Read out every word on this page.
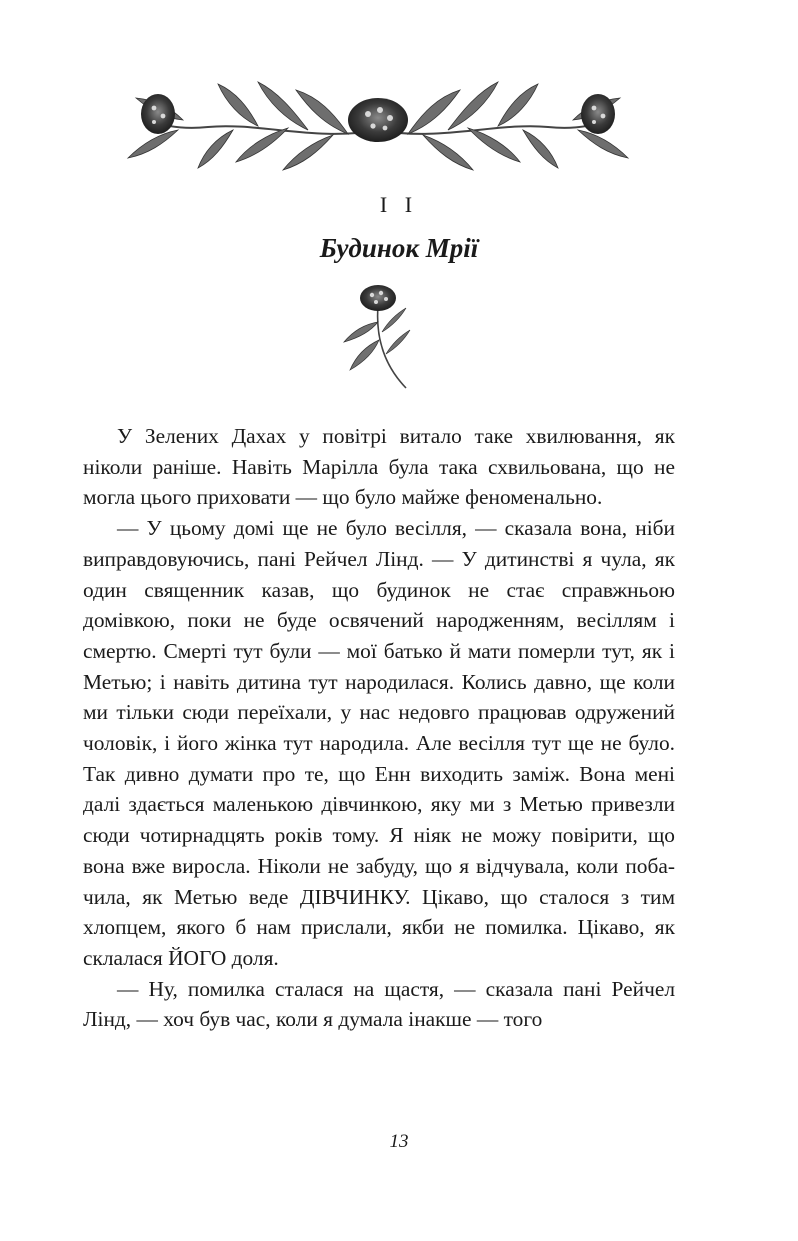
I I
Будинок Мрії

У Зелених Дахах у повітрі витало таке хвилювання, як ніколи раніше. Навіть Марілла була така схвильована, що не могла цього приховати — що було майже феноменально.

— У цьому домі ще не було весілля, — сказала вона, ніби виправдовуючись, пані Рейчел Лінд. — У дитинстві я чула, як один священник казав, що будинок не стає справжньою домівкою, поки не буде освячений народженням, весіллям і смертю. Смерті тут були — мої батько й мати померли тут, як і Метью; і навіть дитина тут народилася. Колись давно, ще коли ми тільки сюди переїхали, у нас недовго працював одружений чоловік, і його жінка тут народила. Але весілля тут ще не було. Так дивно думати про те, що Енн виходить заміж. Вона мені далі здається маленькою дівчинкою, яку ми з Метью привезли сюди чотирнадцять років тому. Я ніяк не можу повірити, що вона вже виросла. Ніколи не забуду, що я відчувала, коли побачила, як Метью веде ДІВЧИНКУ. Цікаво, що сталося з тим хлопцем, якого б нам прислали, якби не помилка. Цікаво, як склалася ЙОГО доля.

— Ну, помилка сталася на щастя, — сказала пані Рейчел Лінд, — хоч був час, коли я думала інакше — того

13
